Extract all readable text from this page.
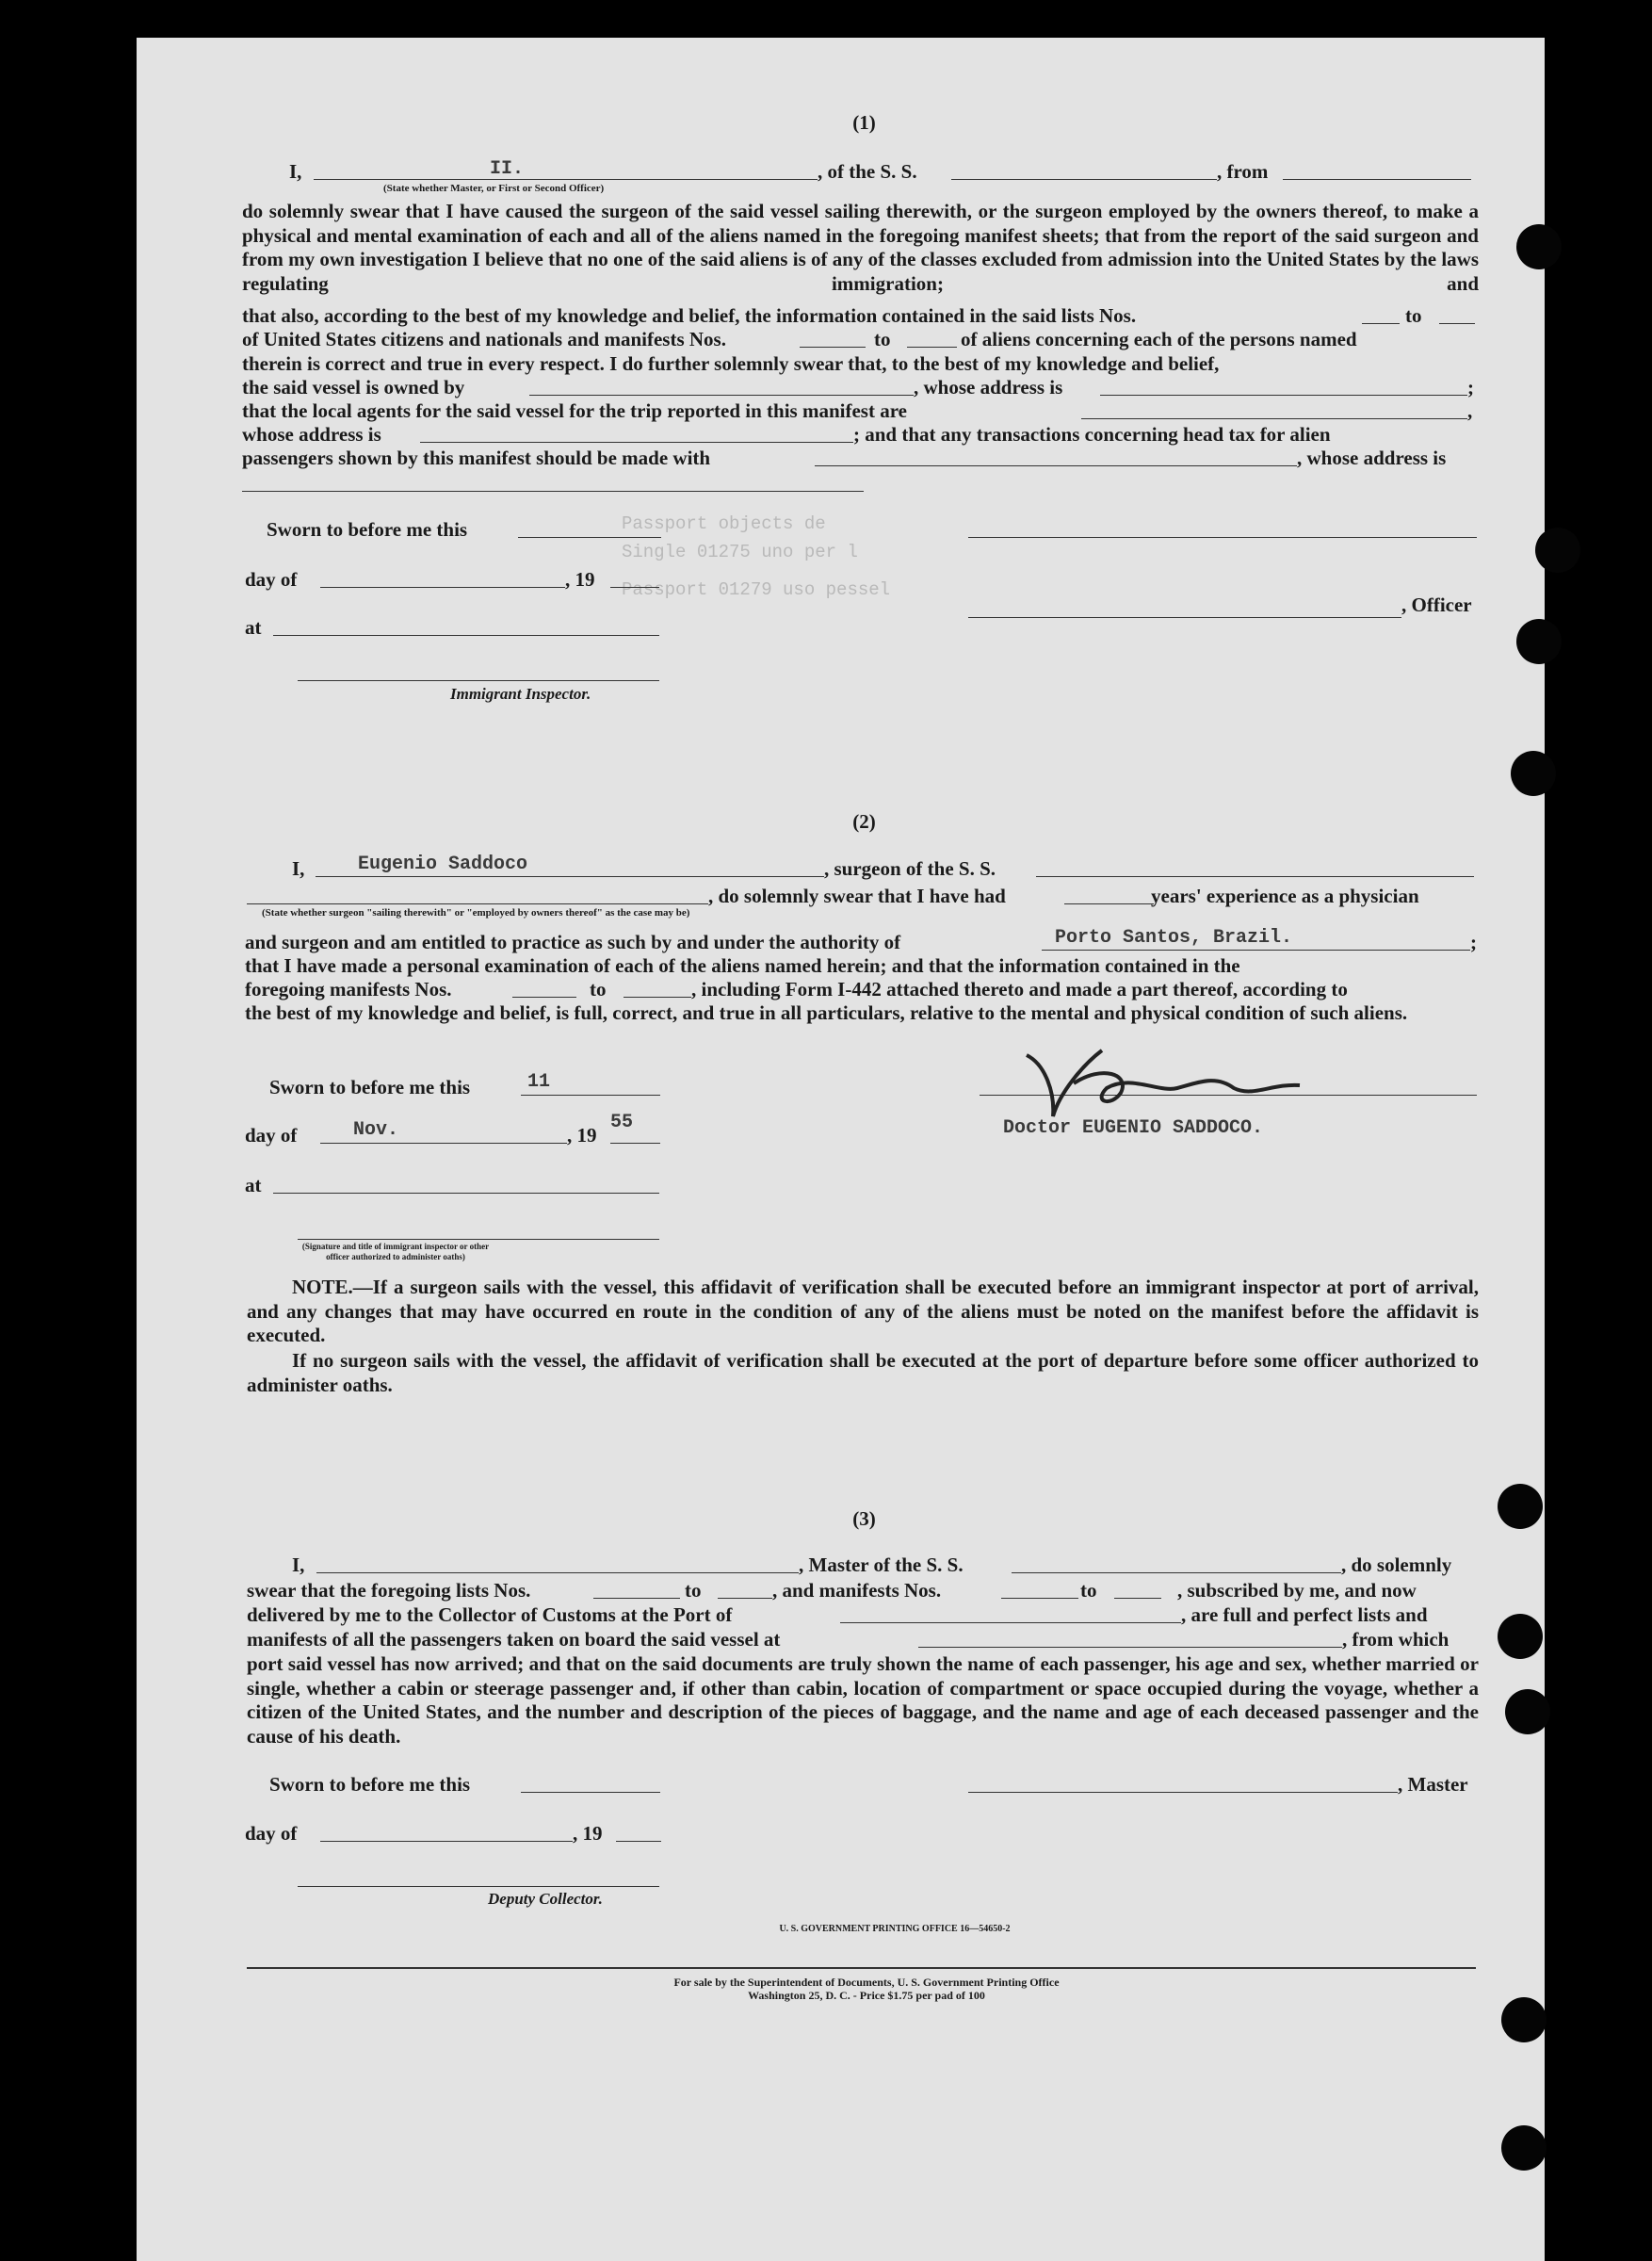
Passport objects de
Single 01275 uno per l
Passport 01279 uso pessel
(1)
I,	II.	, of the S. S.	, from
(State whether Master, or First or Second Officer)
do solemnly swear that I have caused the surgeon of the said vessel sailing therewith, or the surgeon employed by the owners thereof, to make a physical and mental examination of each and all of the aliens named in the foregoing manifest sheets; that from the report of the said surgeon and from my own investigation I believe that no one of the said aliens is of any of the classes excluded from admission into the United States by the laws regulating immigration; and
that also, according to the best of my knowledge and belief, the information contained in the said lists Nos.	to
of United States citizens and nationals and manifests Nos.	to	of aliens concerning each of the persons named
therein is correct and true in every respect. I do further solemnly swear that, to the best of my knowledge and belief,
the said vessel is owned by	, whose address is	;
that the local agents for the said vessel for the trip reported in this manifest are	,
whose address is	; and that any transactions concerning head tax for alien
passengers shown by this manifest should be made with	, whose address is
Sworn to before me this
day of	, 19
, Officer
at
Immigrant Inspector.
(2)
I,	Eugenio Saddoco	, surgeon of the S. S.
, do solemnly swear that I have had	years' experience as a physician
(State whether surgeon "sailing therewith" or "employed by owners thereof" as the case may be)
and surgeon and am entitled to practice as such by and under the authority of	Porto Santos, Brazil.	;
that I have made a personal examination of each of the aliens named herein; and that the information contained in the
foregoing manifests Nos.	to	, including Form I-442 attached thereto and made a part thereof, according to
the best of my knowledge and belief, is full, correct, and true in all particulars, relative to the mental and physical condition of such aliens.
Sworn to before me this	11
day of	Nov.	, 19
55	Doctor EUGENIO SADDOCO.
at
(Signature and title of immigrant inspector or other officer authorized to administer oaths)
NOTE.—If a surgeon sails with the vessel, this affidavit of verification shall be executed before an immigrant inspector at port of arrival, and any changes that may have occurred en route in the condition of any of the aliens must be noted on the manifest before the affidavit is executed.
If no surgeon sails with the vessel, the affidavit of verification shall be executed at the port of departure before some officer authorized to administer oaths.
(3)
I,	, Master of the S. S.	, do solemnly
swear that the foregoing lists Nos.	to	, and manifests Nos.	to	, subscribed by me, and now
delivered by me to the Collector of Customs at the Port of	, are full and perfect lists and
manifests of all the passengers taken on board the said vessel at	, from which
port said vessel has now arrived; and that on the said documents are truly shown the name of each passenger, his age and sex, whether married or single, whether a cabin or steerage passenger and, if other than cabin, location of compartment or space occupied during the voyage, whether a citizen of the United States, and the number and description of the pieces of baggage, and the name and age of each deceased passenger and the cause of his death.
Sworn to before me this	, Master
day of	, 19
Deputy Collector.
U. S. GOVERNMENT PRINTING OFFICE 16—54650-2
For sale by the Superintendent of Documents, U. S. Government Printing Office
Washington 25, D. C. - Price $1.75 per pad of 100
